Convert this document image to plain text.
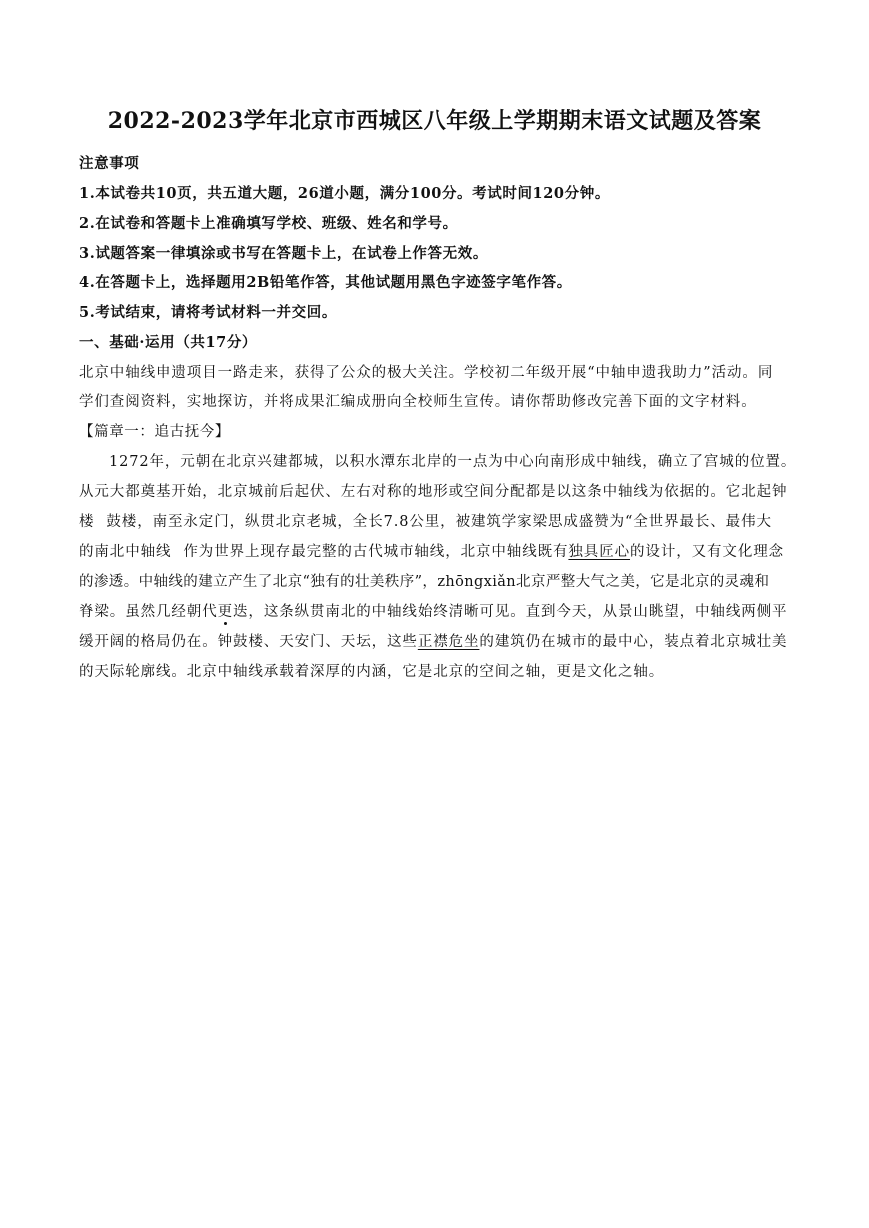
2022-2023学年北京市西城区八年级上学期期末语文试题及答案
注意事项
1.本试卷共10页，共五道大题，26道小题，满分100分。考试时间120分钟。
2.在试卷和答题卡上准确填写学校、班级、姓名和学号。
3.试题答案一律填涂或书写在答题卡上，在试卷上作答无效。
4.在答题卡上，选择题用2B铅笔作答，其他试题用黑色字迹签字笔作答。
5.考试结束，请将考试材料一并交回。
一、基础·运用（共17分）
北京中轴线申遗项目一路走来，获得了公众的极大关注。学校初二年级开展“中轴申遗我助力”活动。同
学们查阅资料，实地探访，并将成果汇编成册向全校师生宣传。请你帮助修改完善下面的文字材料。
【篇章一：追古抚今】
1272年，元朝在北京兴建都城，以积水潭东北岸的一点为中心向南形成中轴线，确立了宫城的位置。
从元大都奠基开始，北京城前后起伏、左右对称的地形或空间分配都是以这条中轴线为依据的。它北起钟
楼 鼓楼，南至永定门，纵贯北京老城，全长7.8公里，被建筑学家梁思成盛赞为“全世界最长、最伟大
的南北中轴线 作为世界上现存最完整的古代城市轴线，北京中轴线既有独具匠心的设计，又有文化理念
的渗透。中轴线的建立产生了北京“独有的壮美秩序”，zhōngxiǎn北京严整大气之美，它是北京的灵魂和
脊梁。虽然几经朝代更迭，这条纵贯南北的中轴线始终清晰可见。直到今天，从景山眺望，中轴线两侧平
缓开阔的格局仍在。钟鼓楼、天安门、天坛，这些正襟危坐的建筑仍在城市的最中心，装点着北京城壮美
的天际轮廓线。北京中轴线承载着深厚的内涵，它是北京的空间之轴，更是文化之轴。
